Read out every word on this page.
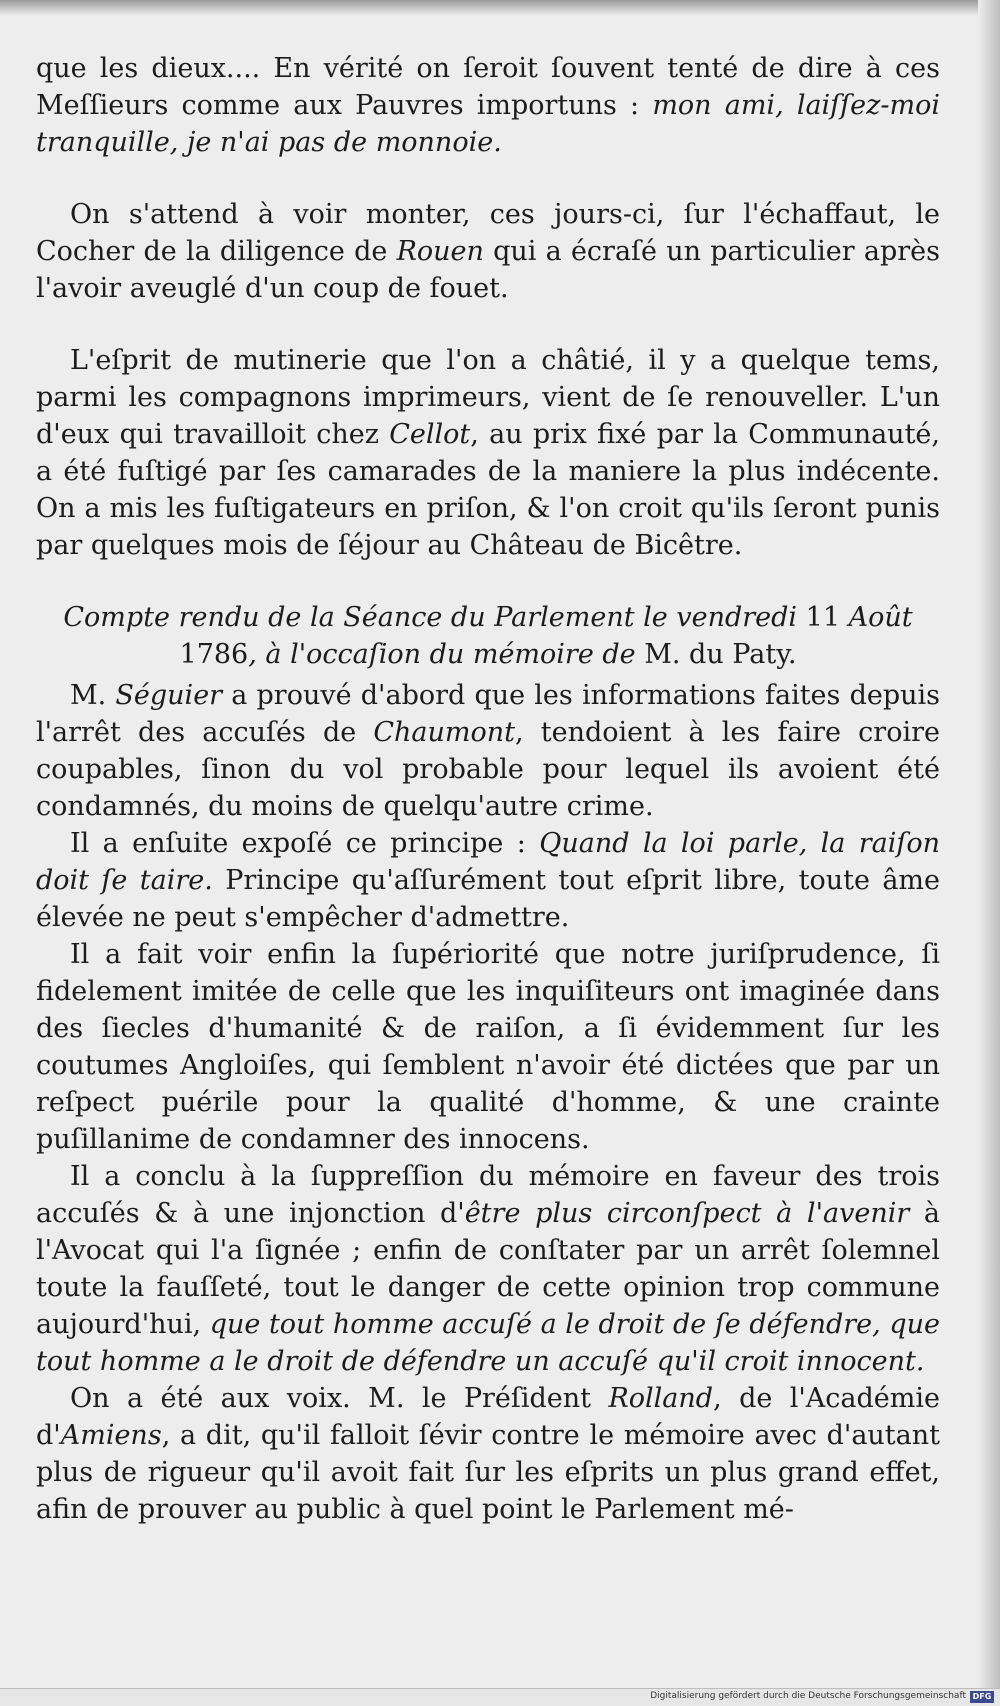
que les dieux.... En vérité on ſeroit ſouvent tenté de dire à ces Meſſieurs comme aux Pauvres importuns : mon ami, laiſſez-moi tranquille, je n'ai pas de monnoie.

On s'attend à voir monter, ces jours-ci, ſur l'échaffaut, le Cocher de la diligence de Rouen qui a écraſé un particulier après l'avoir aveuglé d'un coup de fouet.

L'eſprit de mutinerie que l'on a châtié, il y a quelque tems, parmi les compagnons imprimeurs, vient de ſe renouveller. L'un d'eux qui travailloit chez Cellot, au prix fixé par la Communauté, a été fuſtigé par ſes camarades de la maniere la plus indécente. On a mis les fuſtigateurs en priſon, & l'on croit qu'ils ſeront punis par quelques mois de ſéjour au Château de Bicêtre.

Compte rendu de la Séance du Parlement le vendredi 11 Août
1786, à l'occaſion du mémoire de M. du Paty.

M. Séguier a prouvé d'abord que les informations faites depuis l'arrêt des accuſés de Chaumont, tendoient à les faire croire coupables, ſinon du vol probable pour lequel ils avoient été condamnés, du moins de quelqu'autre crime.

Il a enſuite expoſé ce principe : Quand la loi parle, la raiſon doit ſe taire. Principe qu'aſſurément tout eſprit libre, toute âme élevée ne peut s'empêcher d'admettre.

Il a fait voir enfin la ſupériorité que notre juriſprudence, ſi fidelement imitée de celle que les inquiſiteurs ont imaginée dans des ſiecles d'humanité & de raiſon, a ſi évidemment ſur les coutumes Angloiſes, qui ſemblent n'avoir été dictées que par un reſpect puérile pour la qualité d'homme, & une crainte puſillanime de condamner des innocens.

Il a conclu à la ſuppreſſion du mémoire en faveur des trois accuſés & à une injonction d'être plus circonſpect à l'avenir à l'Avocat qui l'a ſignée ; enfin de conſtater par un arrêt ſolemnel toute la fauſſeté, tout le danger de cette opinion trop commune aujourd'hui, que tout homme accuſé a le droit de ſe défendre, que tout homme a le droit de défendre un accuſé qu'il croit innocent.

On a été aux voix. M. le Préſident Rolland, de l'Académie d'Amiens, a dit, qu'il falloit ſévir contre le mémoire avec d'autant plus de rigueur qu'il avoit fait ſur les eſprits un plus grand effet, afin de prouver au public à quel point le Parlement mé-

Digitalisierung gefördert durch die Deutsche Forschungsgemeinschaft DFG
